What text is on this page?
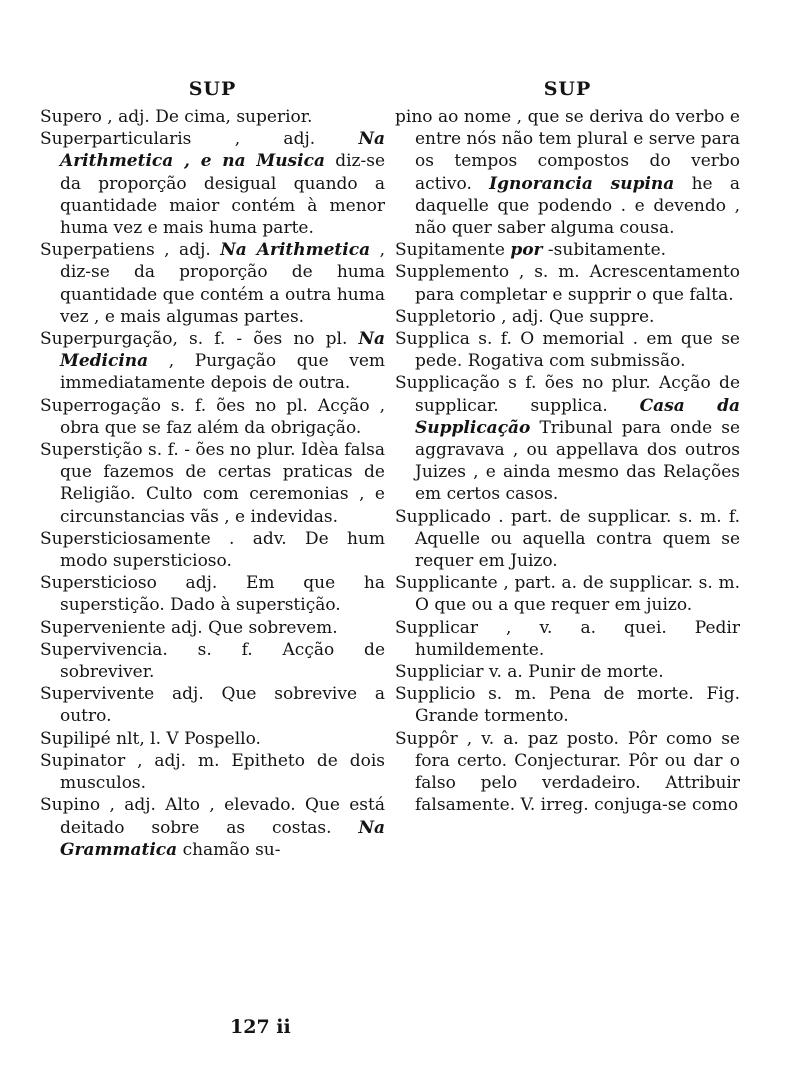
SUP

Supero , adj. De cima, superior.

Superparticularis , adj.	Na Arithmetica , e na Musica diz-se da proporção desigual quando a quantidade maior contém à menor huma vez e mais huma parte.

Superpatiens , adj. Na Arithmetica , diz-se da proporção de huma quantidade que contém a outra huma vez , e mais algumas partes.

Superpurgação, s. f. - ões no pl. Na Medicina , Purgação que vem immediatamente depois de outra.

Superrogação s. f. ões no pl. Acção , obra que se faz além da obrigação.

Superstição s. f. - ões no plur. Idèa falsa que fazemos de certas praticas de Religião. Culto com ceremonias , e circunstancias vãs , e indevidas.

Supersticiosamente . adv. De hum modo supersticioso.

Supersticioso adj. Em que ha superstição. Dado à superstição.

Superveniente adj. Que sobrevem.

Supervivencia. s. f. Acção de sobreviver.

Supervivente adj. Que sobrevive a outro.

Supilipé nlt, l. V Pospello.

Supinator , adj. m. Epitheto de dois musculos.

Supino , adj. Alto , elevado. Que está deitado sobre as costas. Na Grammatica chamão su-

SUP

pino ao nome , que se deriva do verbo e entre nós não tem plural e serve para os tempos compostos do verbo activo. Ignorancia supina he a daquelle que podendo . e devendo , não quer saber alguma cousa.

Supitamente por -subitamente.

Supplemento , s. m. Acrescentamento para completar e supprir o que falta.

Suppletorio , adj. Que suppre.

Supplica s. f. O memorial . em que se pede. Rogativa com submissão.

Supplicação s f. ões no plur. Acção de supplicar. supplica. Casa da Supplicação Tribunal para onde se aggravava , ou appellava dos outros Juizes , e ainda mesmo das Relações em certos casos.

Supplicado . part. de supplicar. s. m. f. Aquelle ou aquella contra quem se requer em Juizo.

Supplicante , part. a. de supplicar. s. m. O que ou a que requer em juizo.

Supplicar , v. a. quei. Pedir humildemente.

Suppliciar v. a. Punir de morte.

Supplicio s. m. Pena de morte. Fig. Grande tormento.

Suppôr , v. a. paz posto. Pôr como se fora certo. Conjecturar. Pôr ou dar o falso pelo verdadeiro. Attribuir falsamente. V. irreg. conjuga-se como

127 ii
